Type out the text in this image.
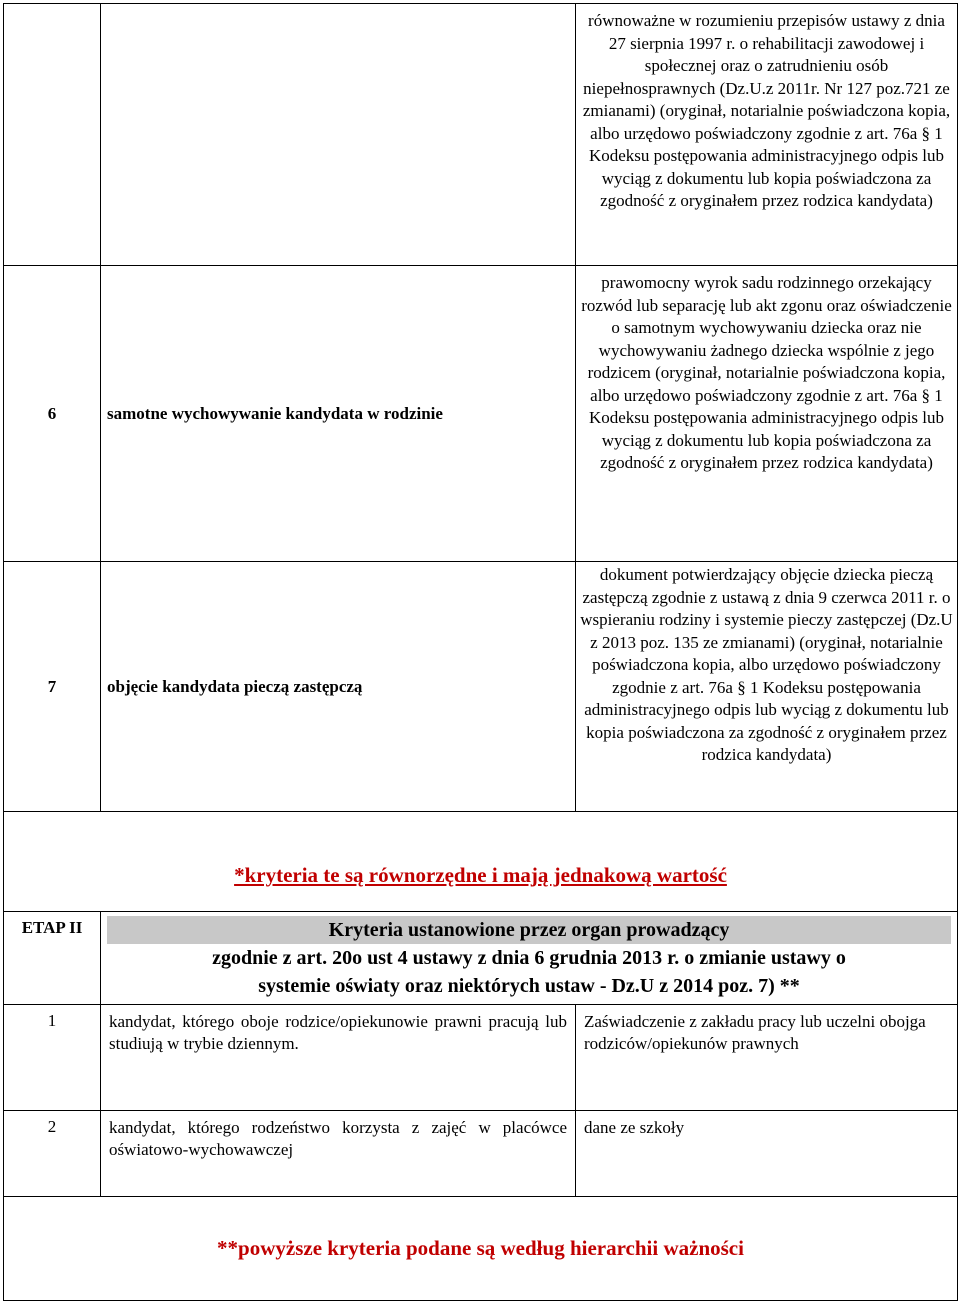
		równoważne w rozumieniu przepisów ustawy z dnia 27 sierpnia 1997 r. o rehabilitacji zawodowej i społecznej oraz o zatrudnieniu osób niepełnosprawnych (Dz.U.z 2011r. Nr 127 poz.721 ze zmianami) (oryginał, notarialnie poświadczona kopia, albo urzędowo poświadczony zgodnie z art. 76a § 1 Kodeksu postępowania administracyjnego odpis lub wyciąg z dokumentu lub kopia poświadczona za zgodność z oryginałem przez rodzica kandydata)
6	samotne wychowywanie kandydata w rodzinie	prawomocny wyrok sadu rodzinnego orzekający rozwód lub separację lub akt zgonu oraz oświadczenie o samotnym wychowywaniu dziecka oraz nie wychowywaniu żadnego dziecka wspólnie z jego rodzicem (oryginał, notarialnie poświadczona kopia, albo urzędowo poświadczony zgodnie z art. 76a § 1 Kodeksu postępowania administracyjnego odpis lub wyciąg z dokumentu lub kopia poświadczona za zgodność z oryginałem przez rodzica kandydata)
7	objęcie kandydata pieczą zastępczą	dokument potwierdzający objęcie dziecka pieczą zastępczą zgodnie z ustawą z dnia 9 czerwca 2011 r. o wspieraniu rodziny i systemie pieczy zastępczej (Dz.U z 2013 poz. 135 ze zmianami) (oryginał, notarialnie poświadczona kopia, albo urzędowo poświadczony zgodnie z art. 76a § 1 Kodeksu postępowania administracyjnego odpis lub wyciąg z dokumentu lub kopia poświadczona za zgodność z oryginałem przez rodzica kandydata)
*kryteria te są równorzędne i mają jednakową wartość		
ETAP II	Kryteria ustanowione przez organ prowadzący
zgodnie z art. 20o ust 4 ustawy z dnia 6 grudnia 2013 r. o zmianie ustawy o
systemie oświaty oraz niektórych ustaw - Dz.U z 2014 poz. 7) **	

1	kandydat, którego oboje rodzice/opiekunowie prawni pracują lub studiują w trybie dziennym.	Zaświadczenie z zakładu pracy lub uczelni obojga rodziców/opiekunów prawnych
2	kandydat, którego rodzeństwo korzysta z zajęć w placówce oświatowo-wychowawczej	dane ze szkoły
**powyższe kryteria podane są według hierarchii ważności		
